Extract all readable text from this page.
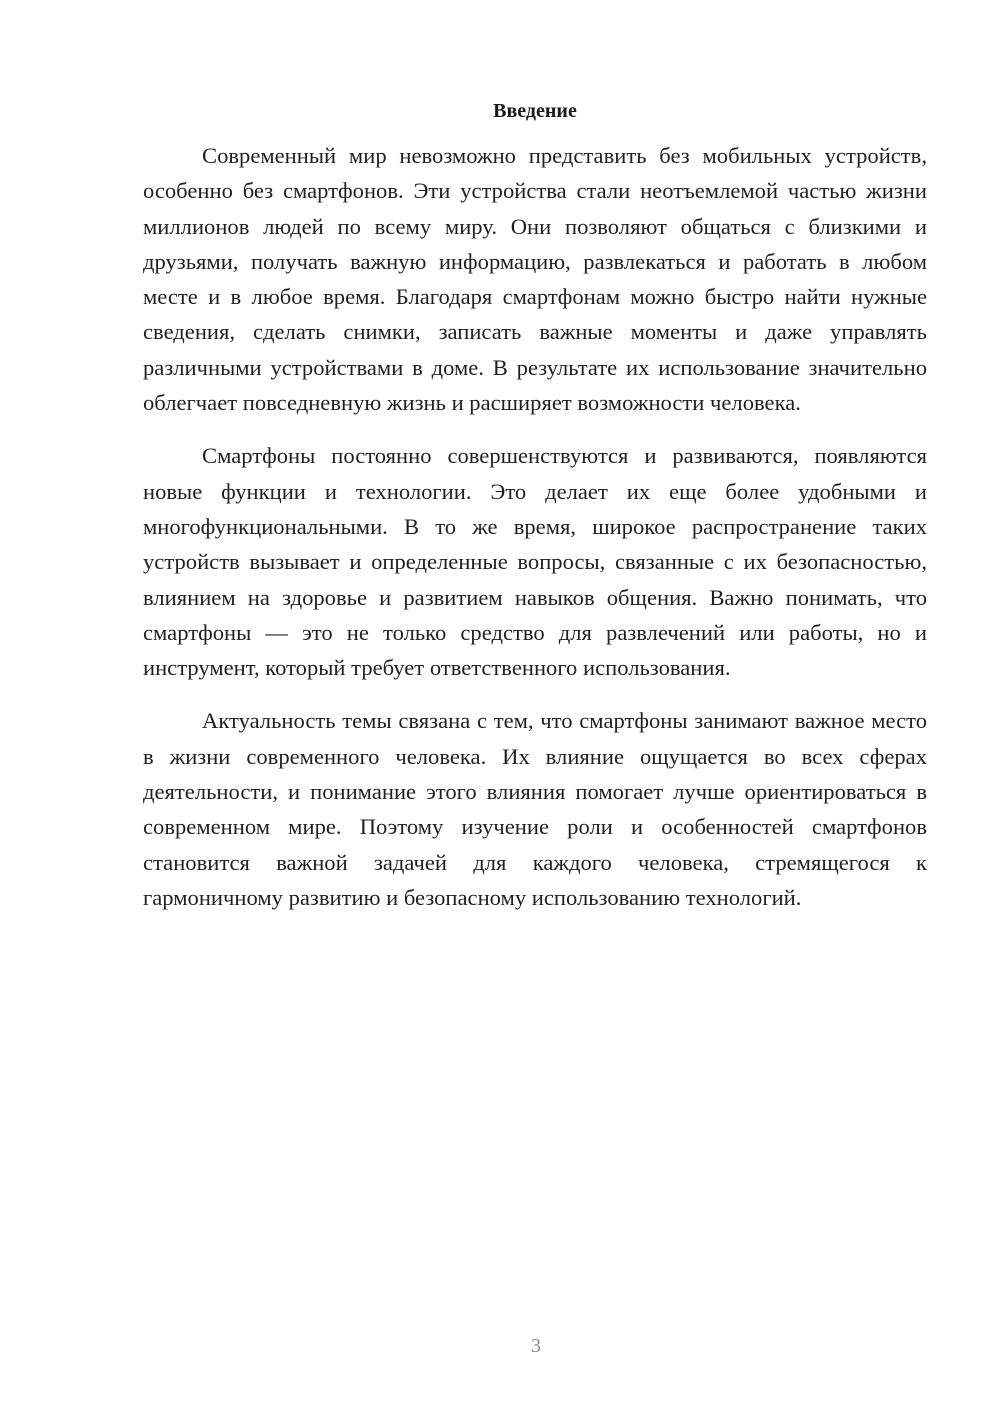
Введение

Современный мир невозможно представить без мобильных устройств, особенно без смартфонов. Эти устройства стали неотъемлемой частью жизни миллионов людей по всему миру. Они позволяют общаться с близкими и друзьями, получать важную информацию, развлекаться и работать в любом месте и в любое время. Благодаря смартфонам можно быстро найти нужные сведения, сделать снимки, записать важные моменты и даже управлять различными устройствами в доме. В результате их использование значительно облегчает повседневную жизнь и расширяет возможности человека.

Смартфоны постоянно совершенствуются и развиваются, появляются новые функции и технологии. Это делает их еще более удобными и многофункциональными. В то же время, широкое распространение таких устройств вызывает и определенные вопросы, связанные с их безопасностью, влиянием на здоровье и развитием навыков общения. Важно понимать, что смартфоны — это не только средство для развлечений или работы, но и инструмент, который требует ответственного использования.

Актуальность темы связана с тем, что смартфоны занимают важное место в жизни современного человека. Их влияние ощущается во всех сферах деятельности, и понимание этого влияния помогает лучше ориентироваться в современном мире. Поэтому изучение роли и особенностей смартфонов становится важной задачей для каждого человека, стремящегося к гармоничному развитию и безопасному использованию технологий.

3
